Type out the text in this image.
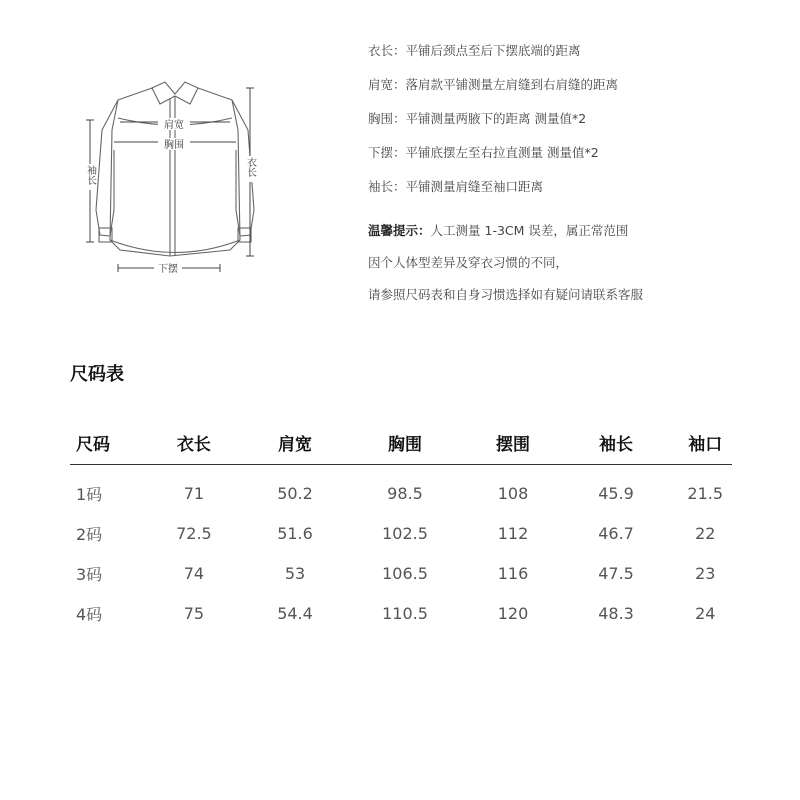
肩宽
胸围
袖长	衣长
下摆
衣长：平铺后颈点至后下摆底端的距离
肩宽：落肩款平铺测量左肩缝到右肩缝的距离
胸围：平铺测量两腋下的距离 测量值*2
下摆：平铺底摆左至右拉直测量 测量值*2
袖长：平铺测量肩缝至袖口距离
温馨提示：人工测量 1-3CM 误差，属正常范围
因个人体型差异及穿衣习惯的不同，
请参照尺码表和自身习惯选择如有疑问请联系客服
尺码表
尺码	衣长	肩宽	胸围	摆围	袖长	袖口
1码	71	50.2	98.5	108	45.9	21.5
2码	72.5	51.6	102.5	112	46.7	22
3码	74	53	106.5	116	47.5	23
4码	75	54.4	110.5	120	48.3	24
